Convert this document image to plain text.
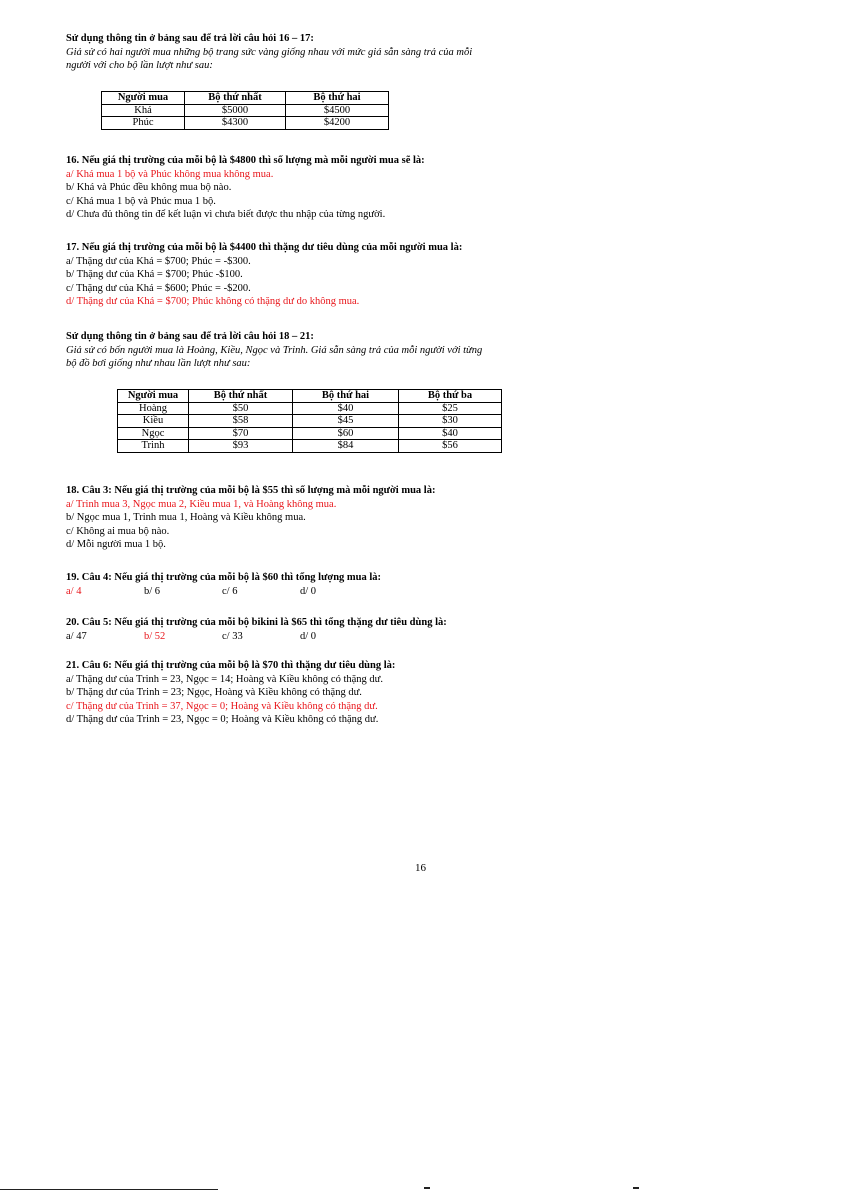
Sử dụng thông tin ở bảng sau để trả lời câu hỏi 16 – 17:
Giả sử có hai người mua những bộ trang sức vàng giống nhau với mức giá sẵn sàng trả của mỗi
người với cho bộ lần lượt như sau:
Người mua	Bộ thứ nhất	Bộ thứ hai
Khá	$5000	$4500
Phúc	$4300	$4200
16. Nếu giá thị trường của mỗi bộ là $4800 thì số lượng mà mỗi người mua sẽ là:
a/ Khá mua 1 bộ và Phúc không mua không mua.
b/ Khá và Phúc đều không mua bộ nào.
c/ Khá mua 1 bộ và Phúc mua 1 bộ.
d/ Chưa đủ thông tin để kết luận vì chưa biết được thu nhập của từng người.
17. Nếu giá thị trường của mỗi bộ là $4400 thì thặng dư tiêu dùng của mỗi người mua là:
a/ Thặng dư của Khá = $700; Phúc = -$300.
b/ Thặng dư của Khá = $700; Phúc -$100.
c/ Thặng dư của Khá = $600; Phúc = -$200.
d/ Thặng dư của Khá = $700; Phúc không có thặng dư do không mua.
Sử dụng thông tin ở bảng sau để trả lời câu hỏi 18 – 21:
Giả sử có bốn người mua là Hoàng, Kiều, Ngọc và Trinh. Giá sẵn sàng trả của mỗi người với từng
bộ đồ bơi giống như nhau lần lượt như sau:
Người mua	Bộ thứ nhất	Bộ thứ hai	Bộ thứ ba
Hoàng	$50	$40	$25
Kiều	$58	$45	$30
Ngọc	$70	$60	$40
Trinh	$93	$84	$56
18. Câu 3: Nếu giá thị trường của mỗi bộ là $55 thì số lượng mà mỗi người mua là:
a/ Trinh mua 3, Ngọc mua 2, Kiều mua 1, và Hoàng không mua.
b/ Ngọc mua 1, Trinh mua 1, Hoàng và Kiều không mua.
c/ Không ai mua bộ nào.
d/ Mỗi người mua 1 bộ.
19. Câu 4: Nếu giá thị trường của mỗi bộ là $60 thì tổng lượng mua là:
a/ 4	b/ 6	c/ 6	d/ 0
20. Câu 5: Nếu giá thị trường của mỗi bộ bikini là $65 thì tổng thặng dư tiêu dùng là:
a/ 47	b/ 52	c/ 33	d/ 0
21. Câu 6: Nếu giá thị trường của mỗi bộ là $70 thì thặng dư tiêu dùng là:
a/ Thặng dư của Trinh = 23, Ngọc = 14; Hoàng và Kiều không có thặng dư.
b/ Thặng dư của Trinh = 23; Ngọc, Hoàng và Kiều không có thặng dư.
c/ Thặng dư của Trinh = 37, Ngọc = 0; Hoàng và Kiều không có thặng dư.
d/ Thặng dư của Trinh = 23, Ngọc = 0; Hoàng và Kiều không có thặng dư.
16
